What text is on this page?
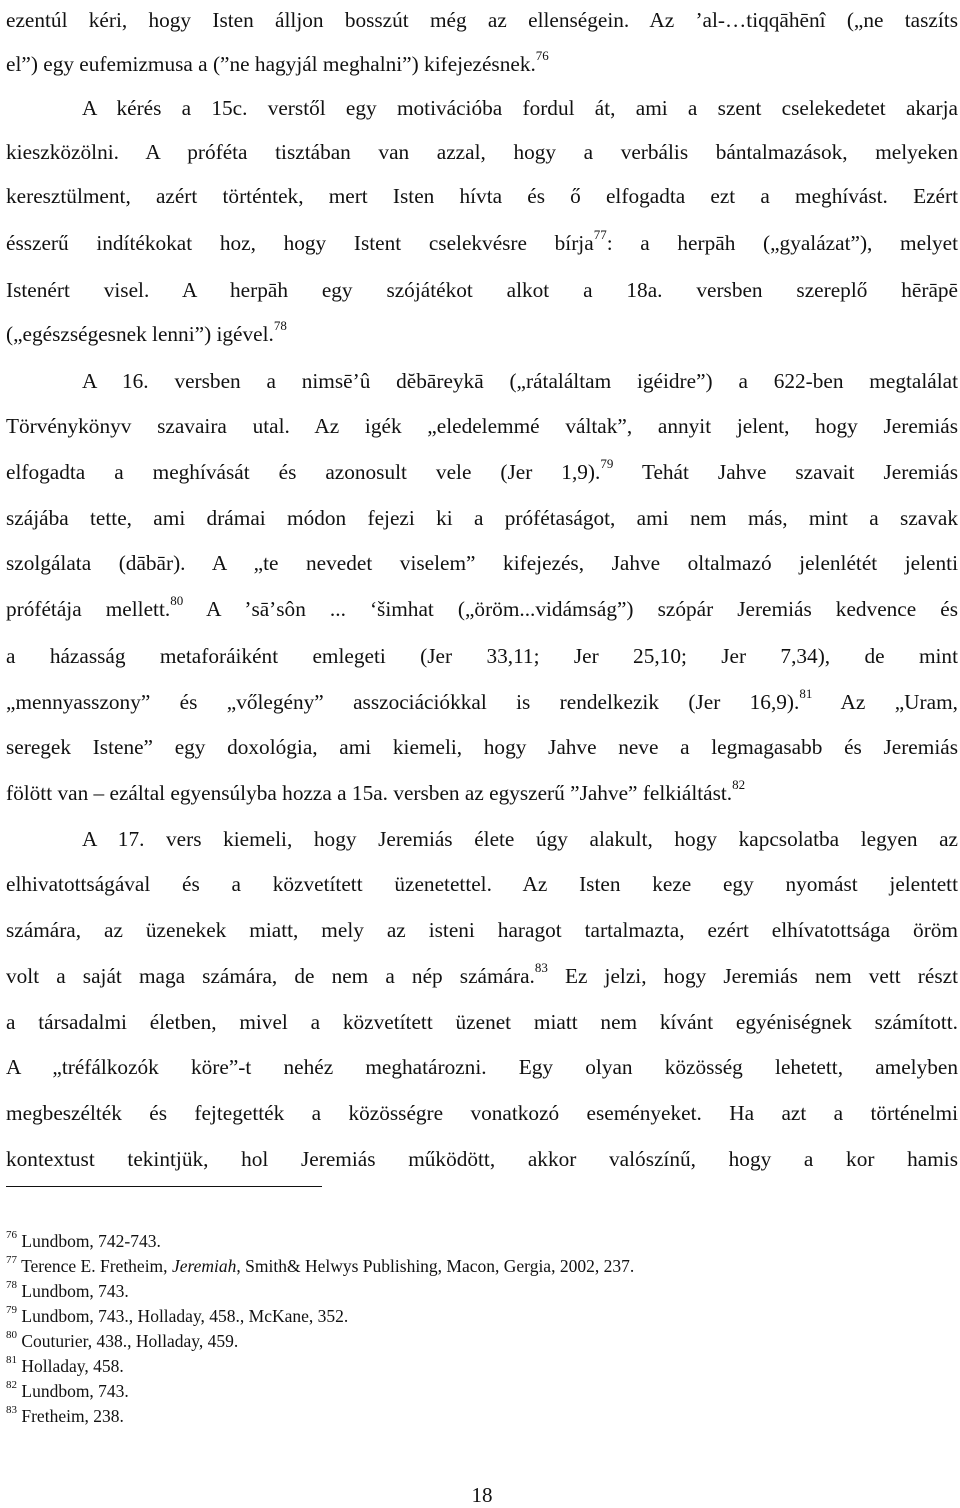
ezentúl kéri, hogy Isten álljon bosszút még az ellenségein. Az ’al-…tiqqāhēnî („ne taszíts
el”) egy eufemizmusa a (”ne hagyjál meghalni”) kifejezésnek.$^{76}$
A kérés a 15c. verstől egy motivációba fordul át, ami a szent cselekedetet akarja
kieszközölni. A próféta tisztában van azzal, hogy a verbális bántalmazások, melyeken
keresztülment, azért történtek, mert Isten hívta és ő elfogadta ezt a meghívást. Ezért
ésszerű indítékokat hoz, hogy Istent cselekvésre bírja$^{77}$: a herpāh („gyalázat”), melyet
Istenért visel. A herpāh egy szójátékot alkot a 18a. versben szereplő hērāpē
(„egészségesnek lenni”) igével.$^{78}$
A 16. versben a nimsē’û dĕbāreykā („rátaláltam igéidre”) a 622-ben megtalálat
Törvénykönyv szavaira utal. Az igék „eledelemmé váltak”, annyit jelent, hogy Jeremiás
elfogadta a meghívását és azonosult vele (Jer 1,9).$^{79}$ Tehát Jahve szavait Jeremiás
szájába tette, ami drámai módon fejezi ki a prófétaságot, ami nem más, mint a szavak
szolgálata (dābār). A „te nevedet viselem” kifejezés, Jahve oltalmazó jelenlétét jelenti
prófétája mellett.$^{80}$ A ʼsāʼsôn ... ʻšimhat („öröm...vidámság”) szópár Jeremiás kedvence és
a házasság metaforáiként emlegeti (Jer 33,11; Jer 25,10; Jer 7,34), de mint
„mennyasszony” és „vőlegény” asszociációkkal is rendelkezik (Jer 16,9).$^{81}$ Az „Uram,
seregek Istene” egy doxológia, ami kiemeli, hogy Jahve neve a legmagasabb és Jeremiás
fölött van – ezáltal egyensúlyba hozza a 15a. versben az egyszerű ”Jahve” felkiáltást.$^{82}$
A 17. vers kiemeli, hogy Jeremiás élete úgy alakult, hogy kapcsolatba legyen az
elhivatottságával és a közvetített üzenetettel. Az Isten keze egy nyomást jelentett
számára, az üzenekek miatt, mely az isteni haragot tartalmazta, ezért elhívatottsága öröm
volt a saját maga számára, de nem a nép számára.$^{83}$ Ez jelzi, hogy Jeremiás nem vett részt
a társadalmi életben, mivel a közvetített üzenet miatt nem kívánt egyéniségnek számított.
A „tréfálkozók köre”-t nehéz meghatározni. Egy olyan közösség lehetett, amelyben
megbeszélték és fejtegették a közösségre vonatkozó eseményeket. Ha azt a történelmi
kontextust tekintjük, hol Jeremiás működött, akkor valószínű, hogy a kor hamis
$^{76}$ Lundbom, 742-743.
$^{77}$ Terence E. Fretheim, Jeremiah, Smith& Helwys Publishing, Macon, Gergia, 2002, 237.
$^{78}$ Lundbom, 743.
$^{79}$ Lundbom, 743., Holladay, 458., McKane, 352.
$^{80}$ Couturier, 438., Holladay, 459.
$^{81}$ Holladay, 458.
$^{82}$ Lundbom, 743.
$^{83}$ Fretheim, 238.
18
